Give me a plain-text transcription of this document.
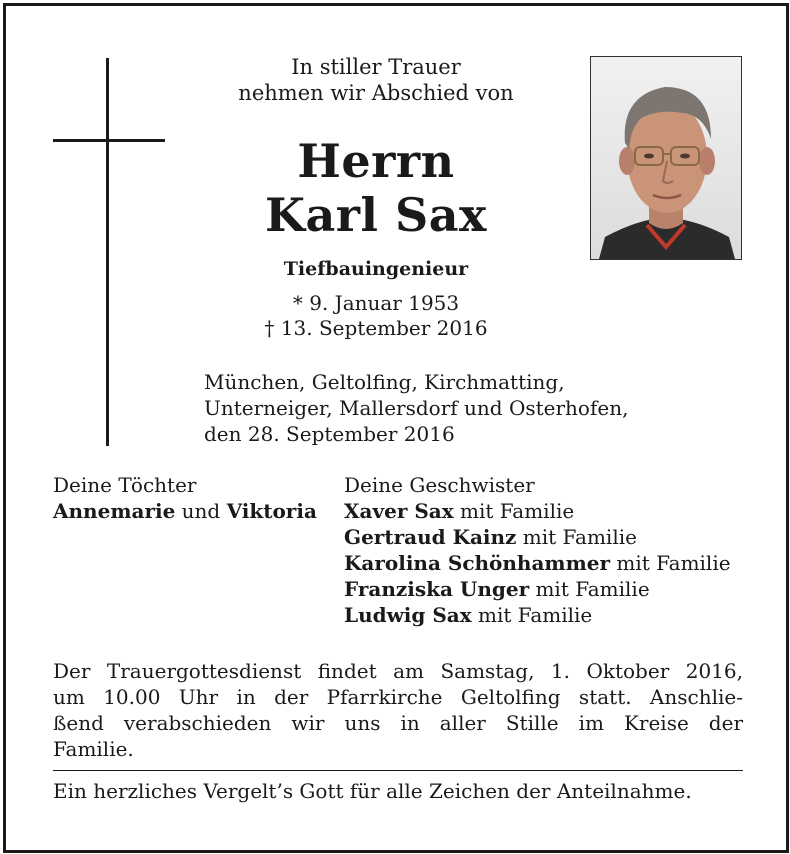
In stiller Trauer
nehmen wir Abschied von
Herrn
Karl Sax
Tiefbauingenieur
* 9. Januar 1953
† 13. September 2016
München, Geltolfing, Kirchmatting,
Unterneiger, Mallersdorf und Osterhofen,
den 28. September 2016
Deine Töchter
Annemarie und Viktoria
Deine Geschwister
Xaver Sax mit Familie
Gertraud Kainz mit Familie
Karolina Schönhammer mit Familie
Franziska Unger mit Familie
Ludwig Sax mit Familie
Der Trauergottesdienst findet am Samstag, 1. Oktober 2016,
um 10.00 Uhr in der Pfarrkirche Geltolfing statt. Anschlie-
ßend verabschieden wir uns in aller Stille im Kreise der
Familie.
Ein herzliches Vergelt’s Gott für alle Zeichen der Anteilnahme.
